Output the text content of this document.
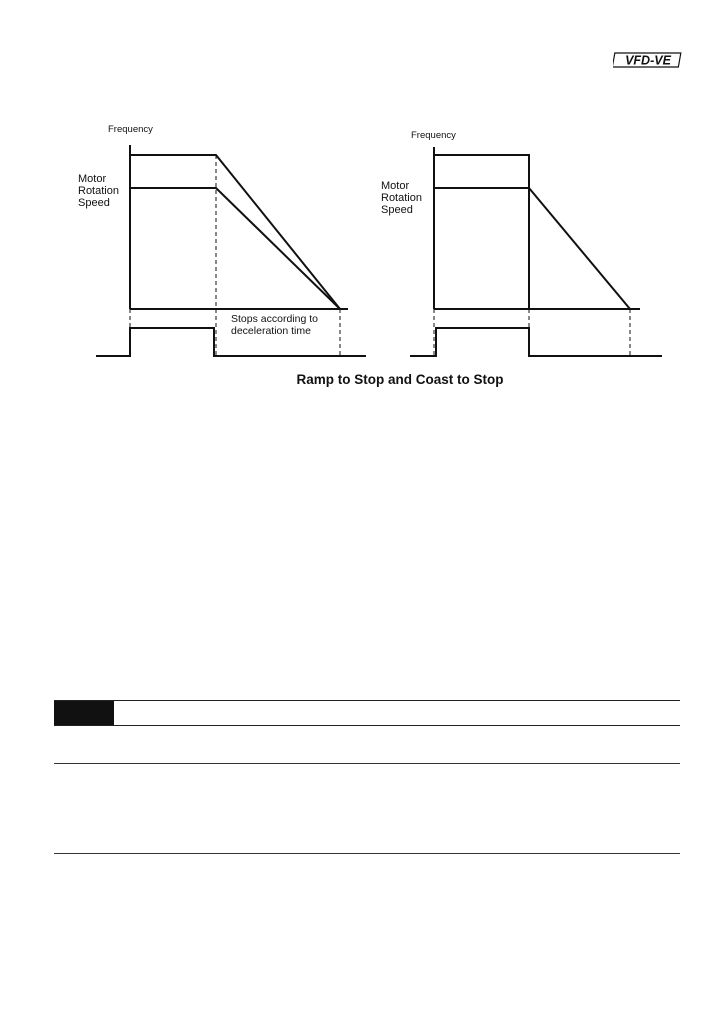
VFD-VE
Frequency
Motor
Rotation
Speed
Stops according to
deceleration time
Frequency
Motor
Rotation
Speed
Ramp to Stop and Coast to Stop
